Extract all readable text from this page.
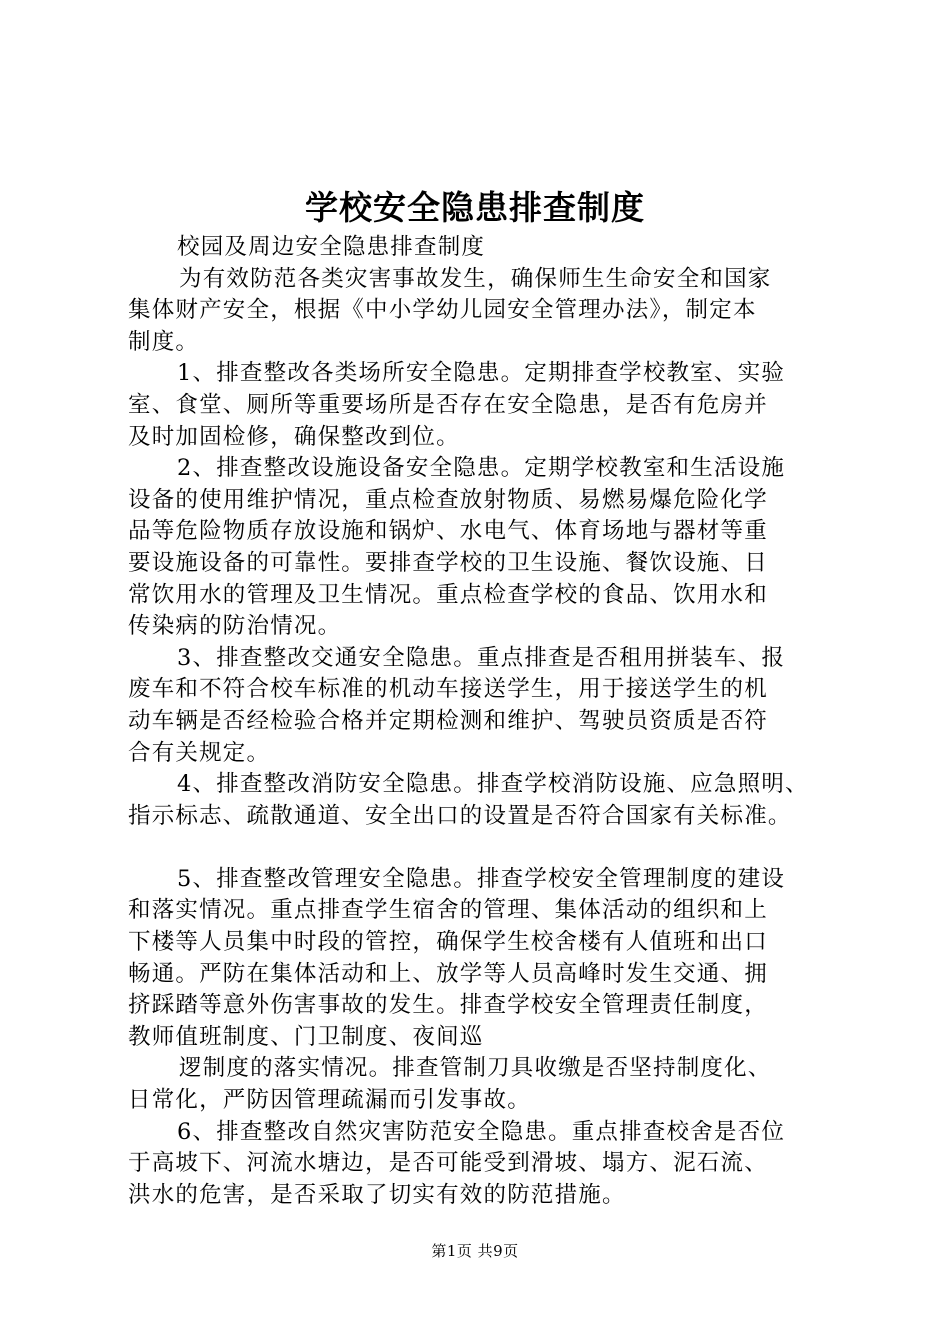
学校安全隐患排查制度
校园及周边安全隐患排查制度
为有效防范各类灾害事故发生，确保师生生命安全和国家
集体财产安全，根据《中小学幼儿园安全管理办法》，制定本
制度。
1、排查整改各类场所安全隐患。定期排查学校教室、实验
室、食堂、厕所等重要场所是否存在安全隐患，是否有危房并
及时加固检修，确保整改到位。
2、排查整改设施设备安全隐患。定期学校教室和生活设施
设备的使用维护情况，重点检查放射物质、易燃易爆危险化学
品等危险物质存放设施和锅炉、水电气、体育场地与器材等重
要设施设备的可靠性。要排查学校的卫生设施、餐饮设施、日
常饮用水的管理及卫生情况。重点检查学校的食品、饮用水和
传染病的防治情况。
3、排查整改交通安全隐患。重点排查是否租用拼装车、报
废车和不符合校车标准的机动车接送学生，用于接送学生的机
动车辆是否经检验合格并定期检测和维护、驾驶员资质是否符
合有关规定。
4、排查整改消防安全隐患。排查学校消防设施、应急照明、
指示标志、疏散通道、安全出口的设置是否符合国家有关标准。
5、排查整改管理安全隐患。排查学校安全管理制度的建设
和落实情况。重点排查学生宿舍的管理、集体活动的组织和上
下楼等人员集中时段的管控，确保学生校舍楼有人值班和出口
畅通。严防在集体活动和上、放学等人员高峰时发生交通、拥
挤踩踏等意外伤害事故的发生。排查学校安全管理责任制度，
教师值班制度、门卫制度、夜间巡
逻制度的落实情况。排查管制刀具收缴是否坚持制度化、
日常化，严防因管理疏漏而引发事故。
6、排查整改自然灾害防范安全隐患。重点排查校舍是否位
于高坡下、河流水塘边，是否可能受到滑坡、塌方、泥石流、
洪水的危害，是否采取了切实有效的防范措施。
第1页 共9页
